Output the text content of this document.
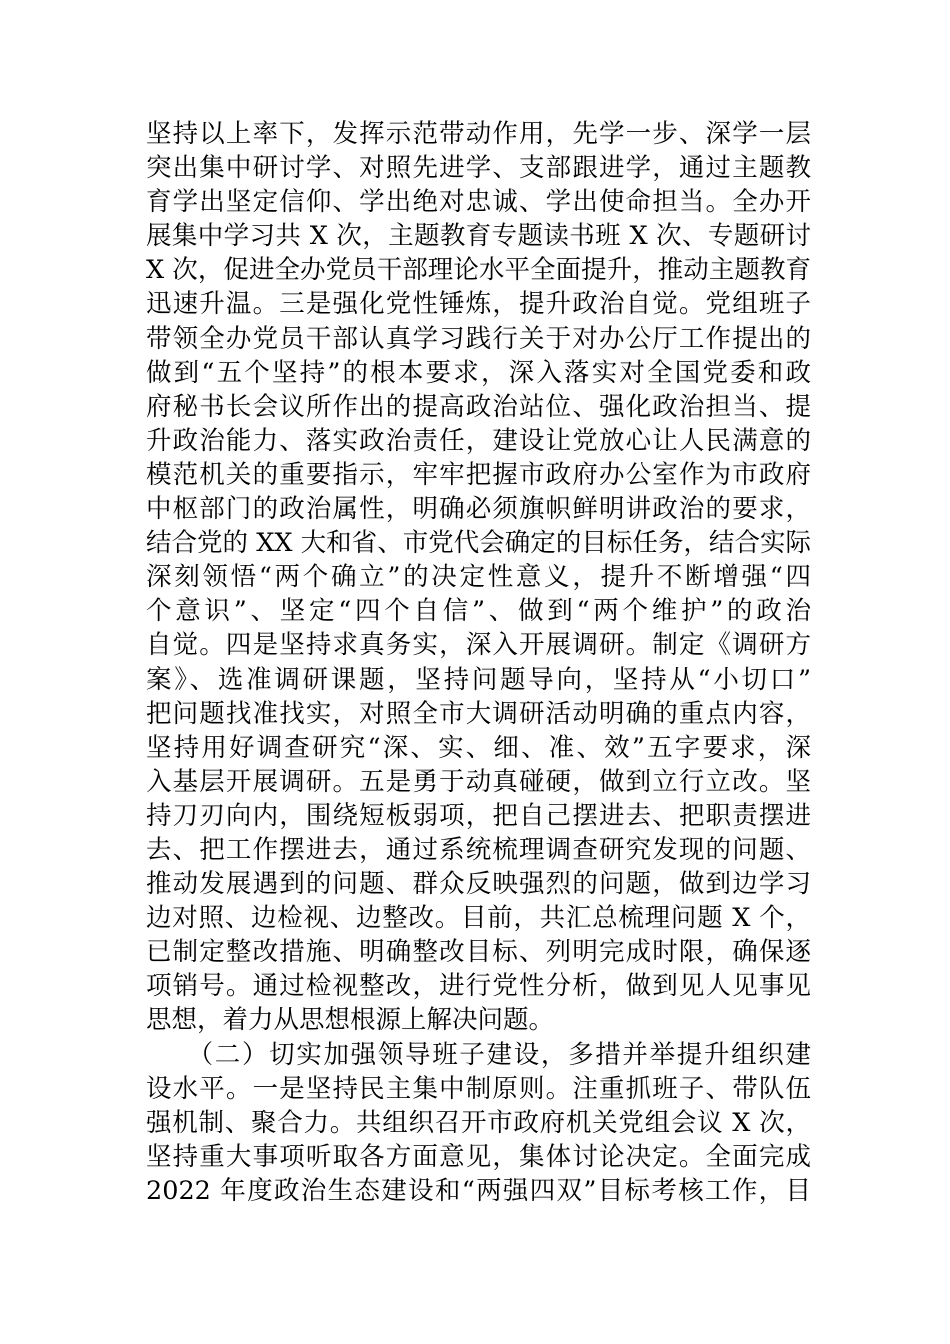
坚持以上率下，发挥示范带动作用，先学一步、深学一层
突出集中研讨学、对照先进学、支部跟进学，通过主题教
育学出坚定信仰、学出绝对忠诚、学出使命担当。全办开
展集中学习共 X 次，主题教育专题读书班 X 次、专题研讨
X 次，促进全办党员干部理论水平全面提升，推动主题教育
迅速升温。三是强化党性锤炼，提升政治自觉。党组班子
带领全办党员干部认真学习践行关于对办公厅工作提出的
做到“五个坚持”的根本要求，深入落实对全国党委和政
府秘书长会议所作出的提高政治站位、强化政治担当、提
升政治能力、落实政治责任，建设让党放心让人民满意的
模范机关的重要指示，牢牢把握市政府办公室作为市政府
中枢部门的政治属性，明确必须旗帜鲜明讲政治的要求，
结合党的 XX 大和省、市党代会确定的目标任务，结合实际
深刻领悟“两个确立”的决定性意义，提升不断增强“四
个意识”、坚定“四个自信”、做到“两个维护”的政治
自觉。四是坚持求真务实，深入开展调研。制定《调研方
案》、选准调研课题，坚持问题导向，坚持从“小切口”
把问题找准找实，对照全市大调研活动明确的重点内容，
坚持用好调查研究“深、实、细、准、效”五字要求，深
入基层开展调研。五是勇于动真碰硬，做到立行立改。坚
持刀刃向内，围绕短板弱项，把自己摆进去、把职责摆进
去、把工作摆进去，通过系统梳理调查研究发现的问题、
推动发展遇到的问题、群众反映强烈的问题，做到边学习
边对照、边检视、边整改。目前，共汇总梳理问题 X 个，
已制定整改措施、明确整改目标、列明完成时限，确保逐
项销号。通过检视整改，进行党性分析，做到见人见事见
思想，着力从思想根源上解决问题。
　　（二）切实加强领导班子建设，多措并举提升组织建
设水平。一是坚持民主集中制原则。注重抓班子、带队伍
强机制、聚合力。共组织召开市政府机关党组会议 X 次，
坚持重大事项听取各方面意见，集体讨论决定。全面完成
2022 年度政治生态建设和“两强四双”目标考核工作，目
